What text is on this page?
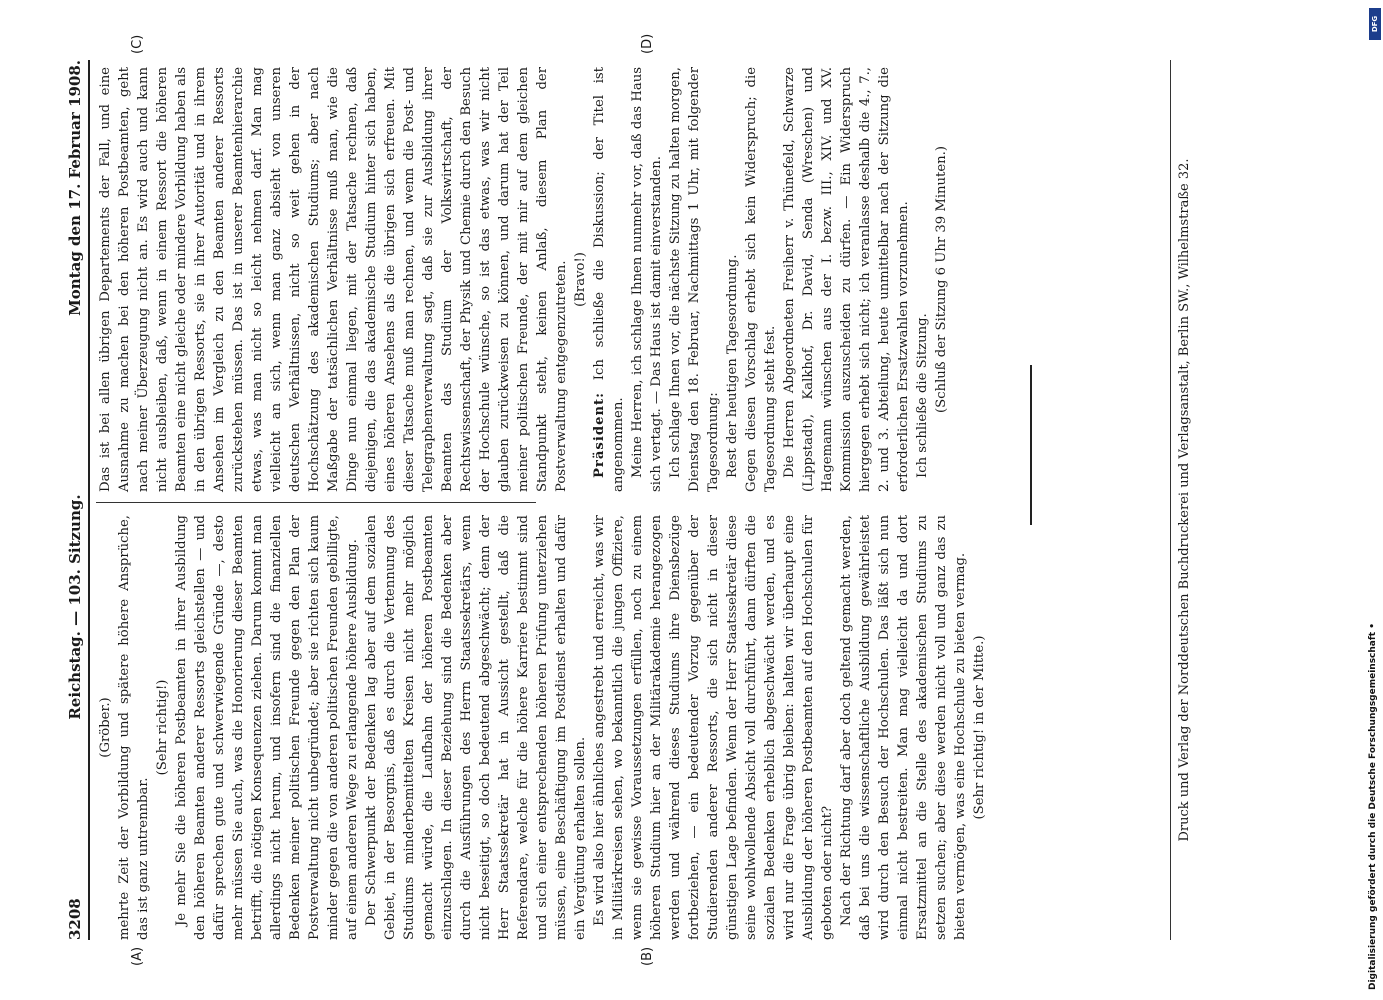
3208
Reichstag. — 103. Sitzung.
Montag den 17. Februar 1908.
(A)	(B)
(C)	(D)

(Gröber.) mehrte Zeit der Vorbildung und spätere höhere Ansprüche, das ist ganz untrennbar.

(Sehr richtig!) Je mehr Sie die höheren Postbeamten in ihrer Ausbildung den höheren Beamten anderer Ressorts gleichstellen — und dafür sprechen gute und schwerwiegende Gründe —, desto mehr müssen Sie auch, was die Honorierung dieser Beamten betrifft, die nötigen Konsequenzen ziehen. Darum kommt man allerdings nicht herum, und insofern sind die finanziellen Bedenken meiner politischen Freunde gegen den Plan der Postverwaltung nicht unbegründet; aber sie richten sich kaum minder gegen die von anderen politischen Freunden gebilligte, auf einem anderen Wege zu erlangende höhere Ausbildung. Der Schwerpunkt der Bedenken lag aber auf dem sozialen Gebiet, in der Besorgnis, daß es durch die Vertennung des Studiums minderbemittelten Kreisen nicht mehr möglich gemacht würde, die Laufbahn der höheren Postbeamten einzuschlagen. In dieser Beziehung sind die Bedenken aber durch die Ausführungen des Herrn Staatssekretärs, wenn nicht beseitigt, so doch bedeutend abgeschwächt; denn der Herr Staatssekretär hat in Aussicht gestellt, daß die Referendare, welche für die höhere Karriere bestimmt sind und sich einer entsprechenden höheren Prüfung unterziehen müssen, eine Beschäftigung im Postdienst erhalten und dafür ein Vergütung erhalten sollen. Es wird also hier ähnliches angestrebt und erreicht, was wir in Militärkreisen sehen, wo bekanntlich die jungen Offiziere, wenn sie gewisse Voraussetzungen erfüllen, noch zu einem höheren Studium hier an der Militärakademie herangezogen werden und während dieses Studiums ihre Diensbezüge fortbeziehen, — ein bedeutender Vorzug gegenüber der Studierenden anderer Ressorts, die sich nicht in dieser günstigen Lage befinden. Wenn der Herr Staatssekretär diese seine wohlwollende Absicht voll durchführt, dann dürften die sozialen Bedenken erheblich abgeschwächt werden, und es wird nur die Frage übrig bleiben: halten wir überhaupt eine Ausbildung der höheren Postbeamten auf den Hochschulen für geboten oder nicht? Nach der Richtung darf aber doch geltend gemacht werden, daß bei uns die wissenschaftliche Ausbildung gewährleistet wird durch den Besuch der Hochschulen. Das läßt sich nun einmal nicht bestreiten. Man mag vielleicht da und dort Ersatzmittel an die Stelle des akademischen Studiums zu setzen suchen; aber diese werden nicht voll und ganz das zu bieten vermögen, was eine Hochschule zu bieten vermag. (Sehr richtig! in der Mitte.)

Das ist bei allen übrigen Departements der Fall, und eine Ausnahme zu machen bei den höheren Postbeamten, geht nach meiner Überzeugung nicht an. Es wird auch und kann nicht ausbleiben, daß, wenn in einem Ressort die höheren Beamten eine nicht gleiche oder mindere Vorbildung haben als in den übrigen Ressorts, sie in ihrer Autorität und in ihrem Ansehen im Vergleich zu den Beamten anderer Ressorts zurückstehen müssen. Das ist in unserer Beamtenhierarchie etwas, was man nicht so leicht nehmen darf. Man mag vielleicht an sich, wenn man ganz absieht von unseren deutschen Verhältnissen, nicht so weit gehen in der Hochschätzung des akademischen Studiums; aber nach Maßgabe der tatsächlichen Verhältnisse muß man, wie die Dinge nun einmal liegen, mit der Tatsache rechnen, daß diejenigen, die das akademische Studium hinter sich haben, eines höheren Ansehens als die übrigen sich erfreuen. Mit dieser Tatsache muß man rechnen, und wenn die Post- und Telegraphenverwaltung sagt, daß sie zur Ausbildung ihrer Beamten das Studium der Volkswirtschaft, der Rechtswissenschaft, der Physik und Chemie durch den Besuch der Hochschule wünsche, so ist das etwas, was wir nicht glauben zurückweisen zu können, und darum hat der Teil meiner politischen Freunde, der mit mir auf dem gleichen Standpunkt steht, keinen Anlaß, diesem Plan der Postverwaltung entgegenzutreten. (Bravo!)

Präsident: Ich schließe die Diskussion; der Titel ist angenommen. Meine Herren, ich schlage Ihnen nunmehr vor, daß das Haus sich vertagt. — Das Haus ist damit einverstanden. Ich schlage Ihnen vor, die nächste Sitzung zu halten morgen, Dienstag den 18. Februar, Nachmittags 1 Uhr, mit folgender Tagesordnung: Rest der heutigen Tagesordnung. Gegen diesen Vorschlag erhebt sich kein Widerspruch; die Tagesordnung steht fest. Die Herren Abgeordneten Freiherr v. Thünefeld, Schwarze (Lippstadt), Kalkhof, Dr. David, Senda (Wreschen) und Hagemann wünschen aus der I. bezw. III., XIV. und XV. Kommission auszuscheiden zu dürfen. — Ein Widerspruch hiergegen erhebt sich nicht; ich veranlasse deshalb die 4., 7., 2. und 3. Abteilung, heute unmittelbar nach der Sitzung die erforderlichen Ersatzwahlen vorzunehmen. Ich schließe die Sitzung. (Schluß der Sitzung 6 Uhr 39 Minuten.)	Druck und Verlag der Norddeutschen Buchdruckerei und Verlagsanstalt, Berlin SW., Wilhelmstraße 32.	Digitalisierung gefördert durch die Deutsche Forschungsgemeinschaft •
DFG
